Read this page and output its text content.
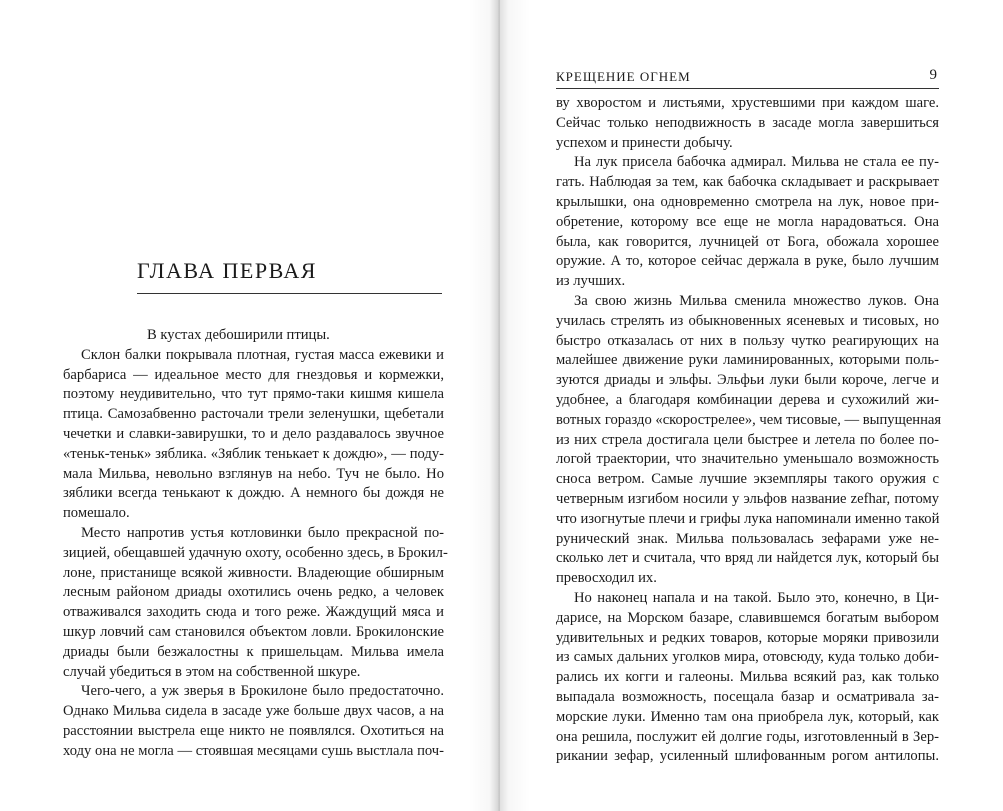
ГЛАВА ПЕРВАЯ
В кустах дебоширили птицы.
Склон балки покрывала плотная, густая масса ежевики и
барбариса — идеальное место для гнездовья и кормежки,
поэтому неудивительно, что тут прямо-таки кишмя кишела
птица. Самозабвенно расточали трели зеленушки, щебетали
чечетки и славки-завирушки, то и дело раздавалось звучное
«теньк-теньк» зяблика. «Зяблик тенькает к дождю», — поду-
мала Мильва, невольно взглянув на небо. Туч не было. Но
зяблики всегда тенькают к дождю. А немного бы дождя не
помешало.
Место напротив устья котловинки было прекрасной по-
зицией, обещавшей удачную охоту, особенно здесь, в Брокил-
лоне, пристанище всякой живности. Владеющие обширным
лесным районом дриады охотились очень редко, а человек
отваживался заходить сюда и того реже. Жаждущий мяса и
шкур ловчий сам становился объектом ловли. Брокилонские
дриады были безжалостны к пришельцам. Мильва имела
случай убедиться в этом на собственной шкуре.
Чего-чего, а уж зверья в Брокилоне было предостаточно.
Однако Мильва сидела в засаде уже больше двух часов, а на
расстоянии выстрела еще никто не появлялся. Охотиться на
ходу она не могла — стоявшая месяцами сушь выстлала поч-
КРЕЩЕНИЕ ОГНЕМ	9
ву хворостом и листьями, хрустевшими при каждом шаге.
Сейчас только неподвижность в засаде могла завершиться
успехом и принести добычу.
На лук присела бабочка адмирал. Мильва не стала ее пу-
гать. Наблюдая за тем, как бабочка складывает и раскрывает
крылышки, она одновременно смотрела на лук, новое при-
обретение, которому все еще не могла нарадоваться. Она
была, как говорится, лучницей от Бога, обожала хорошее
оружие. А то, которое сейчас держала в руке, было лучшим
из лучших.
За свою жизнь Мильва сменила множество луков. Она
училась стрелять из обыкновенных ясеневых и тисовых, но
быстро отказалась от них в пользу чутко реагирующих на
малейшее движение руки ламинированных, которыми поль-
зуются дриады и эльфы. Эльфьи луки были короче, легче и
удобнее, а благодаря комбинации дерева и сухожилий жи-
вотных гораздо «скорострелее», чем тисовые, — выпущенная
из них стрела достигала цели быстрее и летела по более по-
логой траектории, что значительно уменьшало возможность
сноса ветром. Самые лучшие экземпляры такого оружия с
четверным изгибом носили у эльфов название zefhar, потому
что изогнутые плечи и грифы лука напоминали именно такой
рунический знак. Мильва пользовалась зефарами уже не-
сколько лет и считала, что вряд ли найдется лук, который бы
превосходил их.
Но наконец напала и на такой. Было это, конечно, в Ци-
дарисе, на Морском базаре, славившемся богатым выбором
удивительных и редких товаров, которые моряки привозили
из самых дальних уголков мира, отовсюду, куда только доби-
рались их когги и галеоны. Мильва всякий раз, как только
выпадала возможность, посещала базар и осматривала за-
морские луки. Именно там она приобрела лук, который, как
она решила, послужит ей долгие годы, изготовленный в Зер-
рикании зефар, усиленный шлифованным рогом антилопы.
